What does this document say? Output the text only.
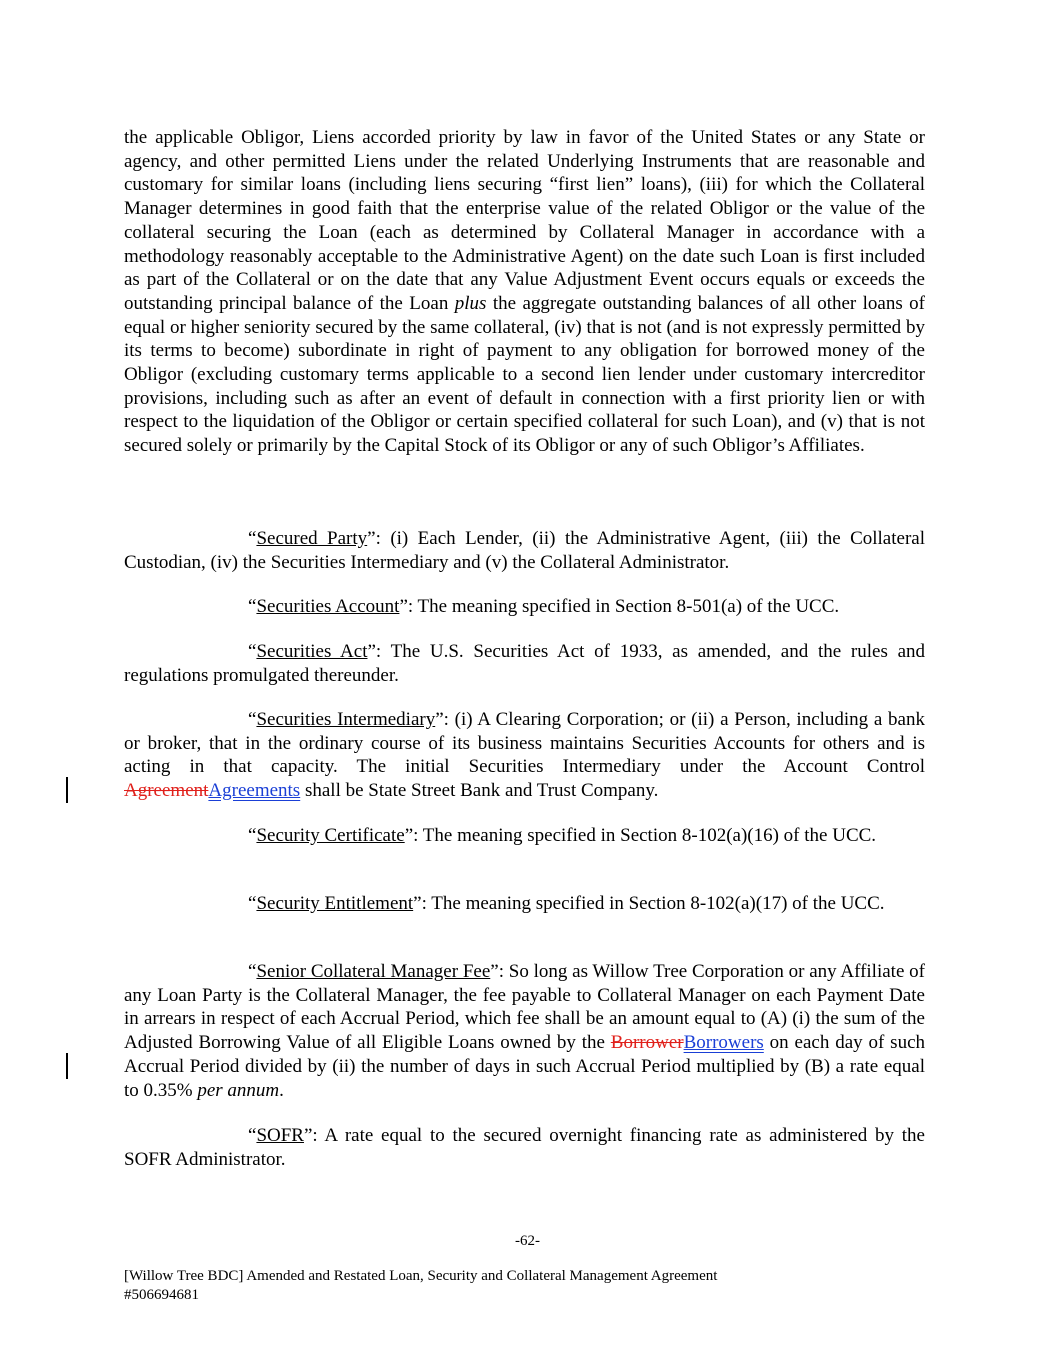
the applicable Obligor, Liens accorded priority by law in favor of the United States or any State or agency, and other permitted Liens under the related Underlying Instruments that are reasonable and customary for similar loans (including liens securing “first lien” loans), (iii) for which the Collateral Manager determines in good faith that the enterprise value of the related Obligor or the value of the collateral securing the Loan (each as determined by Collateral Manager in accordance with a methodology reasonably acceptable to the Administrative Agent) on the date such Loan is first included as part of the Collateral or on the date that any Value Adjustment Event occurs equals or exceeds the outstanding principal balance of the Loan plus the aggregate outstanding balances of all other loans of equal or higher seniority secured by the same collateral, (iv) that is not (and is not expressly permitted by its terms to become) subordinate in right of payment to any obligation for borrowed money of the Obligor (excluding customary terms applicable to a second lien lender under customary intercreditor provisions, including such as after an event of default in connection with a first priority lien or with respect to the liquidation of the Obligor or certain specified collateral for such Loan), and (v) that is not secured solely or primarily by the Capital Stock of its Obligor or any of such Obligor’s Affiliates.

“Secured Party”: (i) Each Lender, (ii) the Administrative Agent, (iii) the Collateral Custodian, (iv) the Securities Intermediary and (v) the Collateral Administrator.

“Securities Account”: The meaning specified in Section 8-501(a) of the UCC.

“Securities Act”: The U.S. Securities Act of 1933, as amended, and the rules and regulations promulgated thereunder.

“Securities Intermediary”: (i) A Clearing Corporation; or (ii) a Person, including a bank or broker, that in the ordinary course of its business maintains Securities Accounts for others and is acting in that capacity. The initial Securities Intermediary under the Account Control AgreementAgreements shall be State Street Bank and Trust Company.

“Security Certificate”: The meaning specified in Section 8-102(a)(16) of the UCC.

“Security Entitlement”: The meaning specified in Section 8-102(a)(17) of the UCC.

“Senior Collateral Manager Fee”: So long as Willow Tree Corporation or any Affiliate of any Loan Party is the Collateral Manager, the fee payable to Collateral Manager on each Payment Date in arrears in respect of each Accrual Period, which fee shall be an amount equal to (A) (i) the sum of the Adjusted Borrowing Value of all Eligible Loans owned by the BorrowerBorrowers on each day of such Accrual Period divided by (ii) the number of days in such Accrual Period multiplied by (B) a rate equal to 0.35% per annum.

“SOFR”: A rate equal to the secured overnight financing rate as administered by the SOFR Administrator.

-62-
[Willow Tree BDC] Amended and Restated Loan, Security and Collateral Management Agreement
#506694681
